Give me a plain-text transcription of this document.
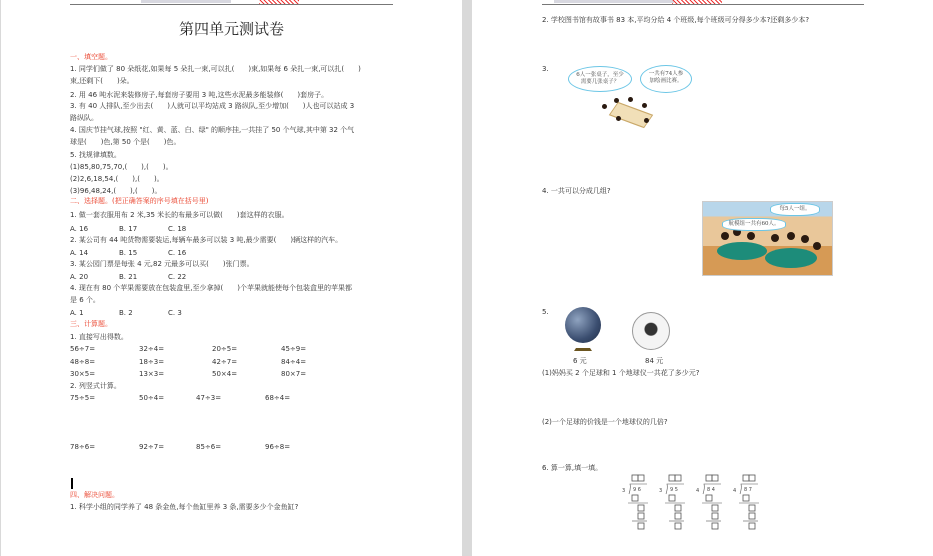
第四单元测试卷
一、填空题。
1. 同学们做了 80 朵纸花,如果每 5 朵扎一束,可以扎(　　)束,如果每 6 朵扎一束,可以扎(　　)
束,还剩下(　　)朵。
2. 用 46 吨水泥来装修房子,每套房子要用 3 吨,这些水泥最多能装修(　　)套房子。
3. 有 40 人排队,至少出去(　　)人就可以平均站成 3 路纵队,至少增加(　　)人也可以站成 3
路纵队。
4. 国庆节挂气球,按照 "红、黄、蓝、白、绿" 的顺序挂,一共挂了 50 个气球,其中第 32 个气
球是(　　)色,第 50 个是(　　)色。
5. 找规律填数。
(1)85,80,75,70,(　　),(　　)。
(2)2,6,18,54,(　　),(　　)。
(3)96,48,24,(　　),(　　)。
二、选择题。(把正确答案的序号填在括号里)
1. 做一套衣服用布 2 米,35 米长的布最多可以做(　　)套这样的衣服。
2. 某公司有 44 吨货物需要装运,每辆车最多可以装 3 吨,最少需要(　　)辆这样的汽车。
3. 某公园门票是每张 4 元,82 元最多可以买(　　)张门票。
4. 现在有 80 个苹果需要放在包装盒里,至少拿掉(　　)个苹果就能使每个包装盒里的苹果都
是 6 个。
三、计算题。
1. 直接写出得数。
2. 列竖式计算。
四、解决问题。
1. 科学小组的同学养了 48 条金鱼,每个鱼缸里养 3 条,需要多少个金鱼缸?
A. 16	B. 17	C. 18
A. 14	B. 15	C. 16
A. 20	B. 21	C. 22
A. 1	B. 2	C. 3
56÷7=	32÷4=	20÷5=	45÷9=
48÷8=	18÷3=	42÷7=	84÷4=
30×5=	13×3=	50×4=	80×7=
75÷5=	50÷4=	47÷3=	68÷4=
78÷6=	92÷7=	85÷6=	96÷8=
6人一张桌子，至少需要几张桌子？
一共有74人参加绘画比赛。
每5人一组。
航模组一共有60人。
3 9 6	3 9 5	4 8 4	4 8 7
2. 学校图书馆有故事书 83 本,平均分给 4 个班级,每个班级可分得多少本?还剩多少本?
3.
4. 一共可以分成几组?
5.
(1)妈妈买 2 个足球和 1 个地球仪一共花了多少元?
(2)一个足球的价钱是一个地球仪的几倍?
6. 算一算,填一填。
6 元	84 元
